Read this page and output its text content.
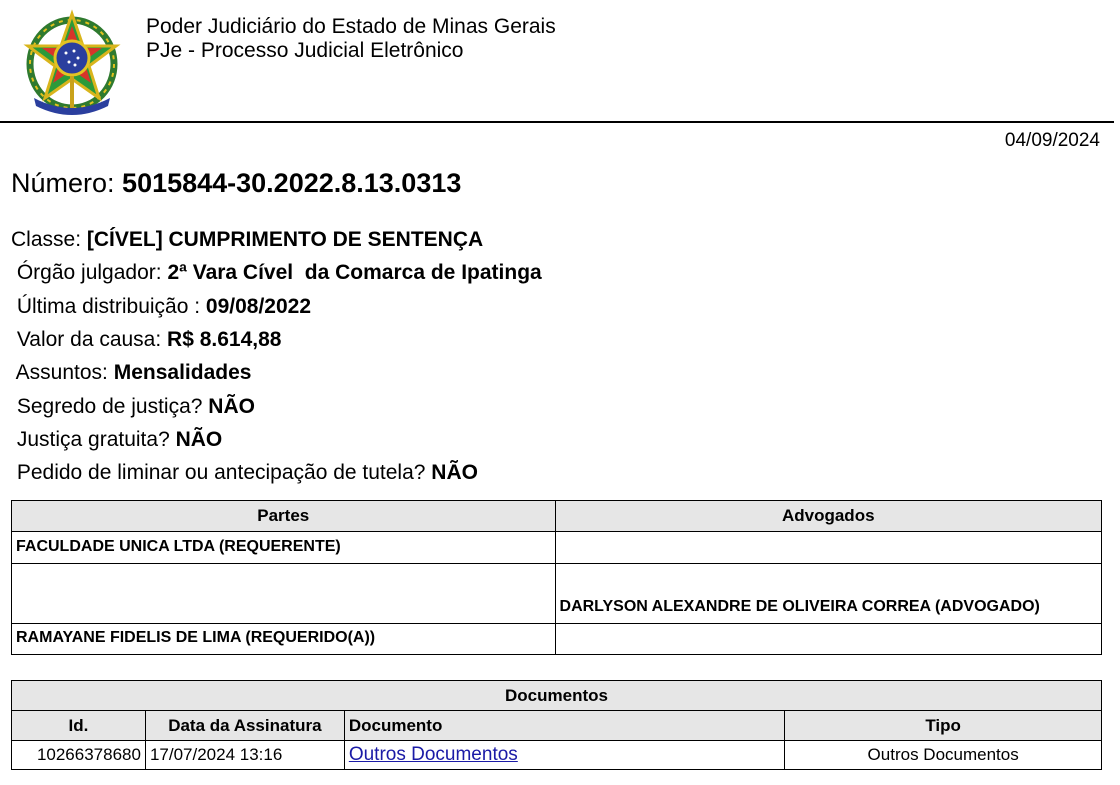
Poder Judiciário do Estado de Minas Gerais
PJe - Processo Judicial Eletrônico
04/09/2024
Número: 5015844-30.2022.8.13.0313
Classe: [CÍVEL] CUMPRIMENTO DE SENTENÇA
Órgão julgador: 2ª Vara Cível  da Comarca de Ipatinga
Última distribuição : 09/08/2022
Valor da causa: R$ 8.614,88
Assuntos: Mensalidades
Segredo de justiça? NÃO
Justiça gratuita? NÃO
Pedido de liminar ou antecipação de tutela? NÃO
Partes	Advogados
FACULDADE UNICA LTDA (REQUERENTE)	
	DARLYSON ALEXANDRE DE OLIVEIRA CORREA (ADVOGADO)
RAMAYANE FIDELIS DE LIMA (REQUERIDO(A))	
Documentos			
Id.	Data da Assinatura	Documento	Tipo
10266378680	17/07/2024 13:16	Outros Documentos	Outros Documentos
